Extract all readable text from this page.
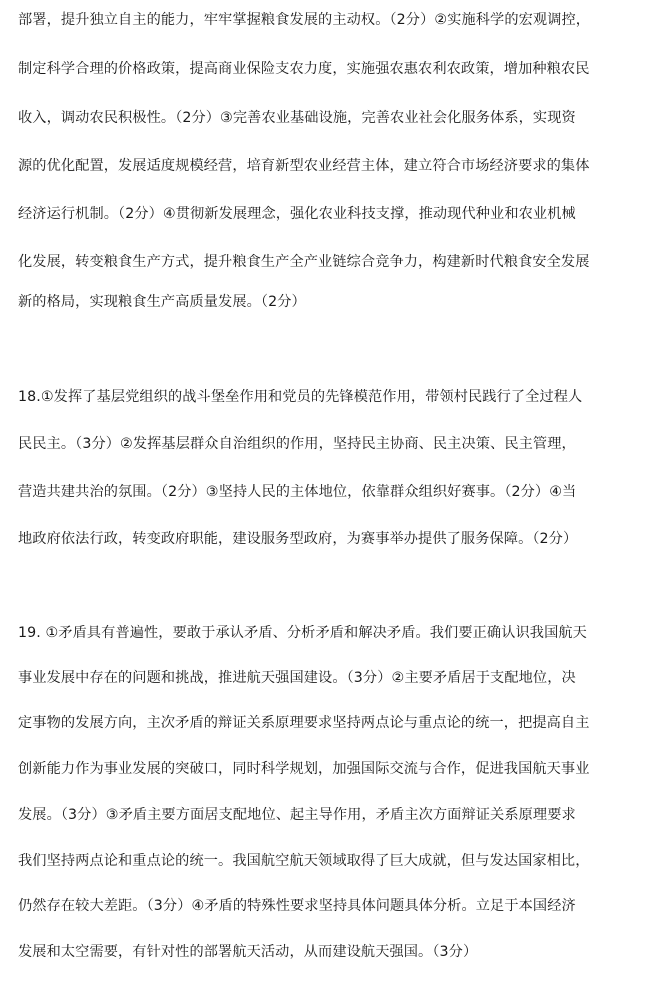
部署，提升独立自主的能力，牢牢掌握粮食发展的主动权。（2分）②实施科学的宏观调控，
制定科学合理的价格政策，提高商业保险支农力度，实施强农惠农利农政策，增加种粮农民
收入，调动农民积极性。（2分）③完善农业基础设施，完善农业社会化服务体系，实现资
源的优化配置，发展适度规模经营，培育新型农业经营主体，建立符合市场经济要求的集体
经济运行机制。（2分）④贯彻新发展理念，强化农业科技支撑，推动现代种业和农业机械
化发展，转变粮食生产方式，提升粮食生产全产业链综合竞争力，构建新时代粮食安全发展
新的格局，实现粮食生产高质量发展。（2分）
18.①发挥了基层党组织的战斗堡垒作用和党员的先锋模范作用，带领村民践行了全过程人
民民主。（3分）②发挥基层群众自治组织的作用，坚持民主协商、民主决策、民主管理，
营造共建共治的氛围。（2分）③坚持人民的主体地位，依靠群众组织好赛事。（2分）④当
地政府依法行政，转变政府职能，建设服务型政府，为赛事举办提供了服务保障。（2分）
19. ①矛盾具有普遍性，要敢于承认矛盾、分析矛盾和解决矛盾。我们要正确认识我国航天
事业发展中存在的问题和挑战，推进航天强国建设。（3分）②主要矛盾居于支配地位，决
定事物的发展方向，主次矛盾的辩证关系原理要求坚持两点论与重点论的统一，把提高自主
创新能力作为事业发展的突破口，同时科学规划，加强国际交流与合作，促进我国航天事业
发展。（3分）③矛盾主要方面居支配地位、起主导作用，矛盾主次方面辩证关系原理要求
我们坚持两点论和重点论的统一。我国航空航天领域取得了巨大成就，但与发达国家相比，
仍然存在较大差距。（3分）④矛盾的特殊性要求坚持具体问题具体分析。立足于本国经济
发展和太空需要，有针对性的部署航天活动，从而建设航天强国。（3分）
